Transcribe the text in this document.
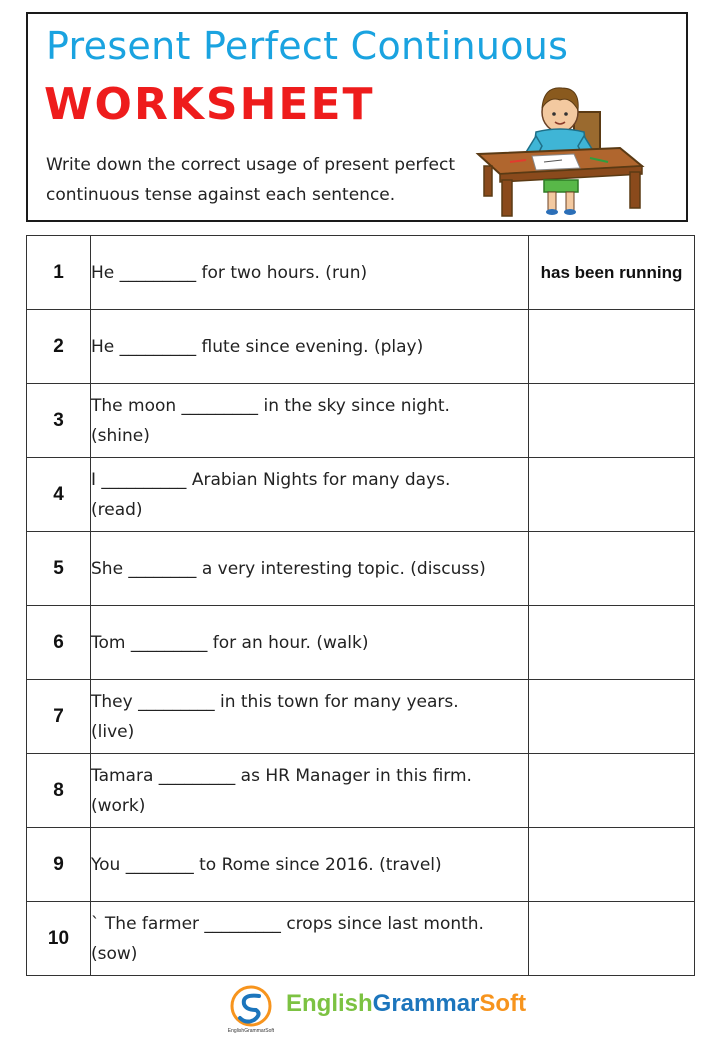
Present Perfect Continuous
WORKSHEET

Write down the correct usage of present perfect
continuous tense against each sentence.

1	He _________ for two hours. (run)	has been running
2	He _________ flute since evening. (play)	
3	The moon _________ in the sky since night.
(shine)	
4	I __________ Arabian Nights for many days.
(read)	
5	She ________ a very interesting topic. (discuss)	
6	Tom _________ for an hour. (walk)	
7	They _________ in this town for many years.
(live)	
8	Tamara _________ as HR Manager in this firm.
(work)	
9	You ________ to Rome since 2016. (travel)	
10	` The farmer _________ crops since last month.
(sow)	
EnglishGrammarSoft
EnglishGrammarSoft
